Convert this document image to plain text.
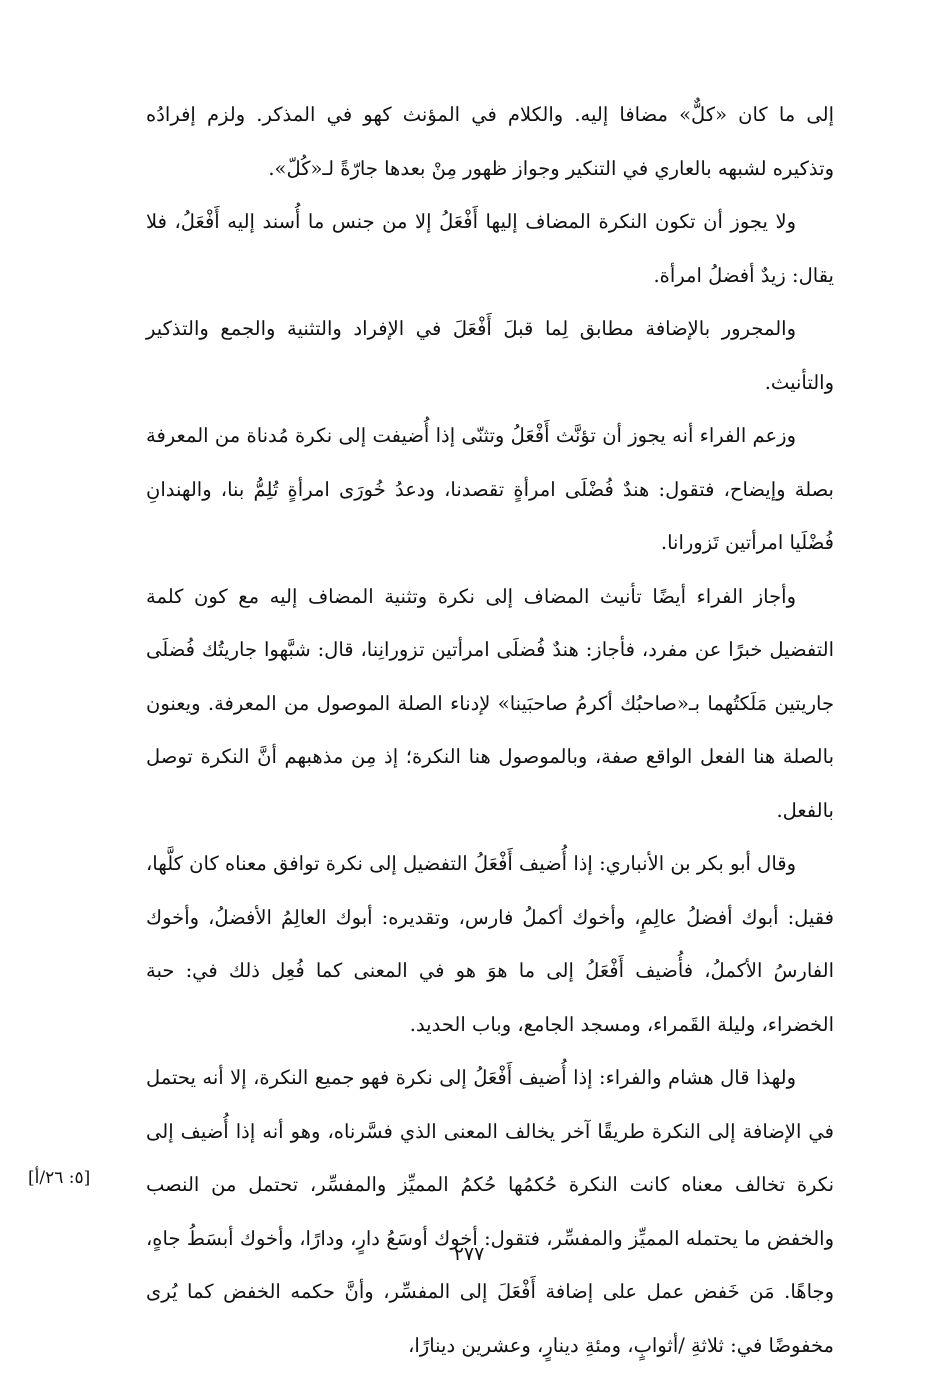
إلى ما كان «كلٌّ» مضافا إليه. والكلام في المؤنث كهو في المذكر. ولزم إفرادُه وتذكيره لشبهه بالعاري في التنكير وجواز ظهور مِنْ بعدها جارّةً لـ«كُلّ».

ولا يجوز أن تكون النكرة المضاف إليها أَفْعَلُ إلا من جنس ما أُسند إليه أَفْعَلُ، فلا يقال: زيدٌ أفضلُ امرأة.

والمجرور بالإضافة مطابق لِما قبلَ أَفْعَلَ في الإفراد والتثنية والجمع والتذكير والتأنيث.

وزعم الفراء أنه يجوز أن تؤنَّث أَفْعَلُ وتثنّى إذا أُضيفت إلى نكرة مُدناة من المعرفة بصلة وإيضاح، فتقول: هندٌ فُضْلَى امرأةٍ تقصدنا، ودعدُ خُورَى امرأةٍ تُلِمُّ بنا، والهندانِ فُضْلَيا امرأتين تَزورانا.

وأجاز الفراء أيضًا تأنيث المضاف إلى نكرة وتثنية المضاف إليه مع كون كلمة التفضيل خبرًا عن مفرد، فأجاز: هندٌ فُضلَى امرأتين تزورانِنا، قال: شبَّهوا جاريتُك فُضلَى جاريتين مَلَكتُهما بـ«صاحبُك أكرمُ صاحبَينا» لإدناء الصلة الموصول من المعرفة. ويعنون بالصلة هنا الفعل الواقع صفة، وبالموصول هنا النكرة؛ إذ مِن مذهبهم أنَّ النكرة توصل بالفعل.

وقال أبو بكر بن الأنباري: إذا أُضيف أَفْعَلُ التفضيل إلى نكرة توافق معناه كان كلَّها، فقيل: أبوك أفضلُ عالِمٍ، وأخوك أكملُ فارس، وتقديره: أبوك العالِمُ الأفضلُ، وأخوك الفارسُ الأكملُ، فأُضيف أَفْعَلُ إلى ما هوَ هو في المعنى كما فُعِل ذلك في: حبة الخضراء، وليلة القَمراء، ومسجد الجامع، وباب الحديد.

ولهذا قال هشام والفراء: إذا أُضيف أَفْعَلُ إلى نكرة فهو جميع النكرة، إلا أنه يحتمل في الإضافة إلى النكرة طريقًا آخر يخالف المعنى الذي فسَّرناه، وهو أنه إذا أُضيف إلى نكرة تخالف معناه كانت النكرة حُكمُها حُكمُ المميِّز والمفسِّر، تحتمل من النصب والخفض ما يحتمله المميِّز والمفسِّر، فتقول: أخوك أوسَعُ دارٍ، ودارًا، وأخوك أبسَطُ جاهٍ، وجاهًا. مَن خَفض عمل على إضافة أَفْعَلَ إلى المفسِّر، وأنَّ حكمه الخفض كما يُرى مخفوضًا في: ثلاثةِ /أثوابٍ، ومئةِ دينارٍ، وعشرين دينارًا،

[٥: ٢٦/أ]
٢٧٧
